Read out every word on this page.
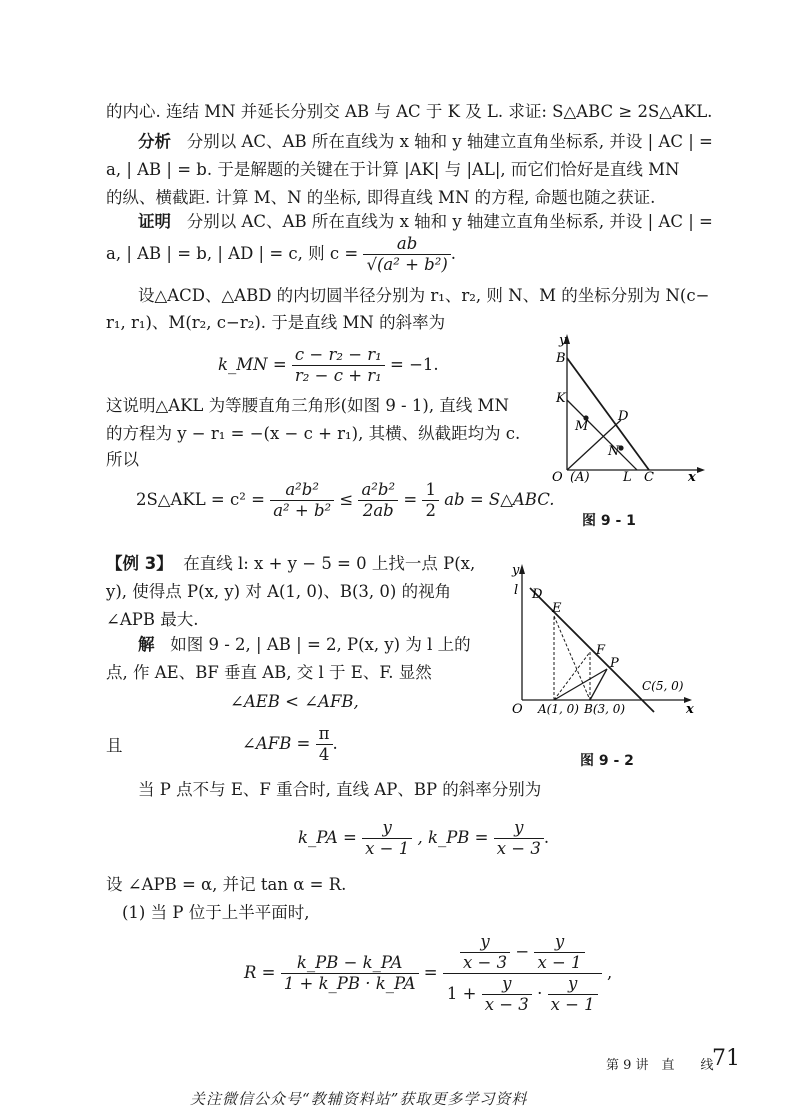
的内心. 连结 MN 并延长分别交 AB 与 AC 于 K 及 L. 求证: S△ABC ≥ 2S△AKL.
分析 分别以 AC、AB 所在直线为 x 轴和 y 轴建立直角坐标系, 并设 | AC | =
a, | AB | = b. 于是解题的关键在于计算 |AK| 与 |AL|, 而它们恰好是直线 MN
的纵、横截距. 计算 M、N 的坐标, 即得直线 MN 的方程, 命题也随之获证.
证明 分别以 AC、AB 所在直线为 x 轴和 y 轴建立直角坐标系, 并设 | AC | =
a, | AB | = b, | AD | = c, 则 $c = \frac{ab}{\text{√(a² + b²)}}$ .
设△ACD、△ABD 的内切圆半径分别为 r₁、r₂, 则 N、M 的坐标分别为 N(c−
r₁, r₁)、M(r₂, c−r₂). 于是直线 MN 的斜率为
k_MN = $\frac{\text{c − r₂ − r₁}}{\text{r₂ − c + r₁}} = -1$.
这说明△AKL 为等腰直角三角形(如图 9 - 1), 直线 MN
的方程为 y − r₁ = −(x − c + r₁), 其横、纵截距均为 c.
所以
2S△AKL = $c^2 = \frac{\text{a²b²}}{\text{a² + b²}} \le \frac{\text{a²b²}}{2ab} = \frac{1}{2}$ ab = S△ABC.
y
B
K
D
M
N
O (A)	L C	x
图 9 - 1
【例 3】 在直线 l: x + y − 5 = 0 上找一点 P(x,
y), 使得点 P(x, y) 对 A(1, 0)、B(3, 0) 的视角
∠APB 最大.
解 如图 9 - 2, | AB | = 2, P(x, y) 为 l 上的
点, 作 AE、BF 垂直 AB, 交 l 于 E、F. 显然
∠AEB < ∠AFB,
且	∠AFB = $\frac{\pi}{4}$ .
y
l D
E
F
P
C(5, 0)
O A(1, 0) B(3, 0)	x
图 9 - 2
当 P 点不与 E、F 重合时, 直线 AP、BP 的斜率分别为
k_PA = $\frac{y}{x - 1}$ , k_PB = $\frac{y}{x - 3}$ .
设 ∠APB = α, 并记 tan α = R.
(1) 当 P 位于上半平面时,
$R = \frac{k\_PB - k\_PA}{1 + k\_PB \cdot k\_PA} = \frac{y}{x - 3} - \frac{y}{x - 1}$
$1 + \frac{y}{x - 3} \cdot \frac{y}{x - 1}$
,
第 9 讲　直　　线
71
关注微信公众号“教辅资料站”获取更多学习资料
